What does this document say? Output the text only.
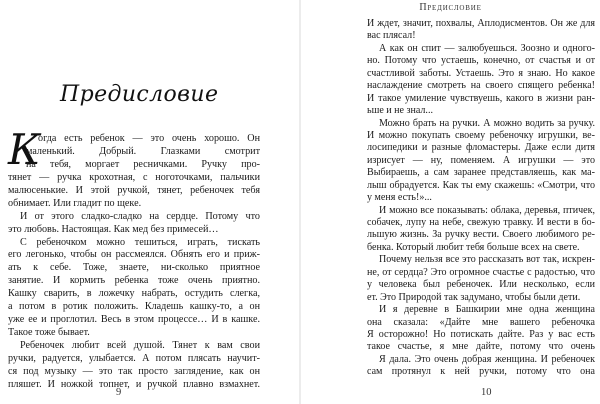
Предисловие
К
огда есть ребенок — это очень хорошо. Он
маленький. Добрый. Глазками смотрит
на тебя, моргает ресничками. Ручку про-
тянет — ручка крохотная, с ноготочками, пальчики
малюсенькие. И этой ручкой, тянет, ребеночек тебя
обнимает. Или гладит по щеке.
И от этого сладко-сладко на сердце. Потому что
это любовь. Настоящая. Как мед без примесей…
С ребеночком можно тешиться, играть, тискать
его легонько, чтобы он рассмеялся. Обнять его и приж-
ать к себе. Тоже, знаете, ни-сколько приятное
занятие. И кормить ребенка тоже очень приятно.
Кашку сварить, в ложечку набрать, остудить слегка,
а потом в ротик положить. Кладешь кашку-то, а он
уже ее и проглотил. Весь в этом процессе… И в кашке.
Такое тоже бывает.
Ребеночек любит всей душой. Тянет к вам свои
ручки, радуется, улыбается. А потом плясать научит-
ся под музыку — это так просто заглядение, как он
пляшет. И ножкой топнет, и ручкой плавно взмахнет.
9
Предисловие
И ждет, значит, похвалы, Аплодисментов. Он же для
вас плясал!
А как он спит — залюбуешься. Зоозно и одного-
но. Потому что устаешь, конечно, от счастья и от
счастливой заботы. Устаешь. Это я знаю. Но какое
наслаждение смотреть на своего спящего ребенка!
И такое умиление чувствуешь, какого в жизни ран-
ьше и не знал...
Можно брать на ручки. А можно водить за ручку.
И можно покупать своему ребеночку игрушки, ве-
лосипедики и разные фломастеры. Даже если дитя
изрисует — ну, поменяем. А игрушки — это
Выбираешь, а сам заранее представляешь, как ма-
лыш обрадуется. Как ты ему скажешь: «Смотри, что
у меня есть!»...
И можно все показывать: облака, деревья, птичек,
собачек, лупу на небе, свежую травку. И вести в бо-
льшую жизнь. За ручку вести. Своего любимого ре-
бенка. Который любит тебя больше всех на свете.
Почему нельзя все это рассказать вот так, искрен-
не, от сердца? Это огромное счастье с радостью, что
у человека был ребеночек. Или несколько, если
ет. Это Природой так задумано, чтобы были дети.
И я деревне в Башкирии мне одна женщина
она сказала: «Дайте мне вашего ребеночка
Я осторожно! Но потискать дайте. Раз у вас есть
такое счастье, я мне дайте, потому что очень
Я дала. Это очень добрая женщина. И ребеночек
сам протянул к ней ручки, потому что она
10
